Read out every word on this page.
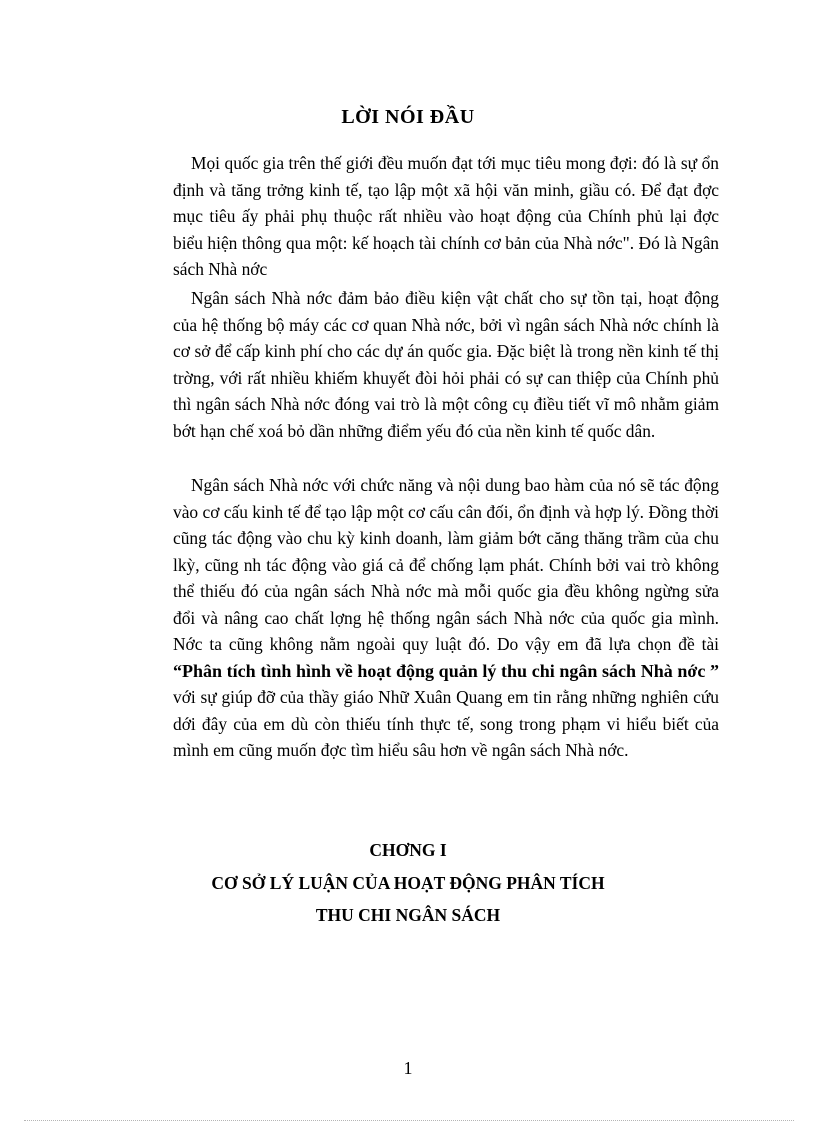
LỜI NÓI ĐẦU
Mọi quốc gia trên thế giới đều muốn đạt tới mục tiêu mong đợi: đó là sự ổn định và tăng trởng kinh tế, tạo lập một xã hội văn minh, giầu có. Để đạt đợc mục tiêu ấy phải phụ thuộc rất nhiều vào hoạt động của Chính phủ lại đợc biểu hiện thông qua một: kế hoạch tài chính cơ bản của Nhà nớc". Đó là Ngân sách Nhà nớc
Ngân sách Nhà nớc đảm bảo điều kiện vật chất cho sự tồn tại, hoạt động của hệ thống bộ máy các cơ quan Nhà nớc, bởi vì ngân sách Nhà nớc chính là cơ sở để cấp kinh phí cho các dự án quốc gia. Đặc biệt là trong nền kinh tế thị trờng, với rất nhiều khiếm khuyết đòi hỏi phải có sự can thiệp của Chính phủ thì ngân sách Nhà nớc đóng vai trò là một công cụ điều tiết vĩ mô nhằm giảm bớt hạn chế xoá bỏ dần những điểm yếu đó của nền kinh tế quốc dân.
Ngân sách Nhà nớc với chức năng và nội dung bao hàm của nó sẽ tác động vào cơ cấu kinh tế để tạo lập một cơ cấu cân đối, ổn định và hợp lý. Đồng thời cũng tác động vào chu kỳ kinh doanh, làm giảm bớt căng thăng trầm của chu lkỳ, cũng nh tác động vào giá cả để chống lạm phát. Chính bởi vai trò không thể thiếu đó của ngân sách Nhà nớc mà mỗi quốc gia đều không ngừng sửa đổi và nâng cao chất lợng hệ thống ngân sách Nhà nớc của quốc gia mình. Nớc ta cũng không nằm ngoài quy luật đó. Do vậy em đã lựa chọn đề tài “Phân tích tình hình về hoạt động quản lý thu chi ngân sách Nhà nớc ” với sự giúp đỡ của thầy giáo Nhữ Xuân Quang em tin rằng những nghiên cứu dới đây của em dù còn thiếu tính thực tế, song trong phạm vi hiểu biết của mình em cũng muốn đợc tìm hiểu sâu hơn về ngân sách Nhà nớc.
CHƠNG I
CƠ SỞ LÝ LUẬN CỦA HOẠT ĐỘNG PHÂN TÍCH
THU CHI NGÂN SÁCH
1
